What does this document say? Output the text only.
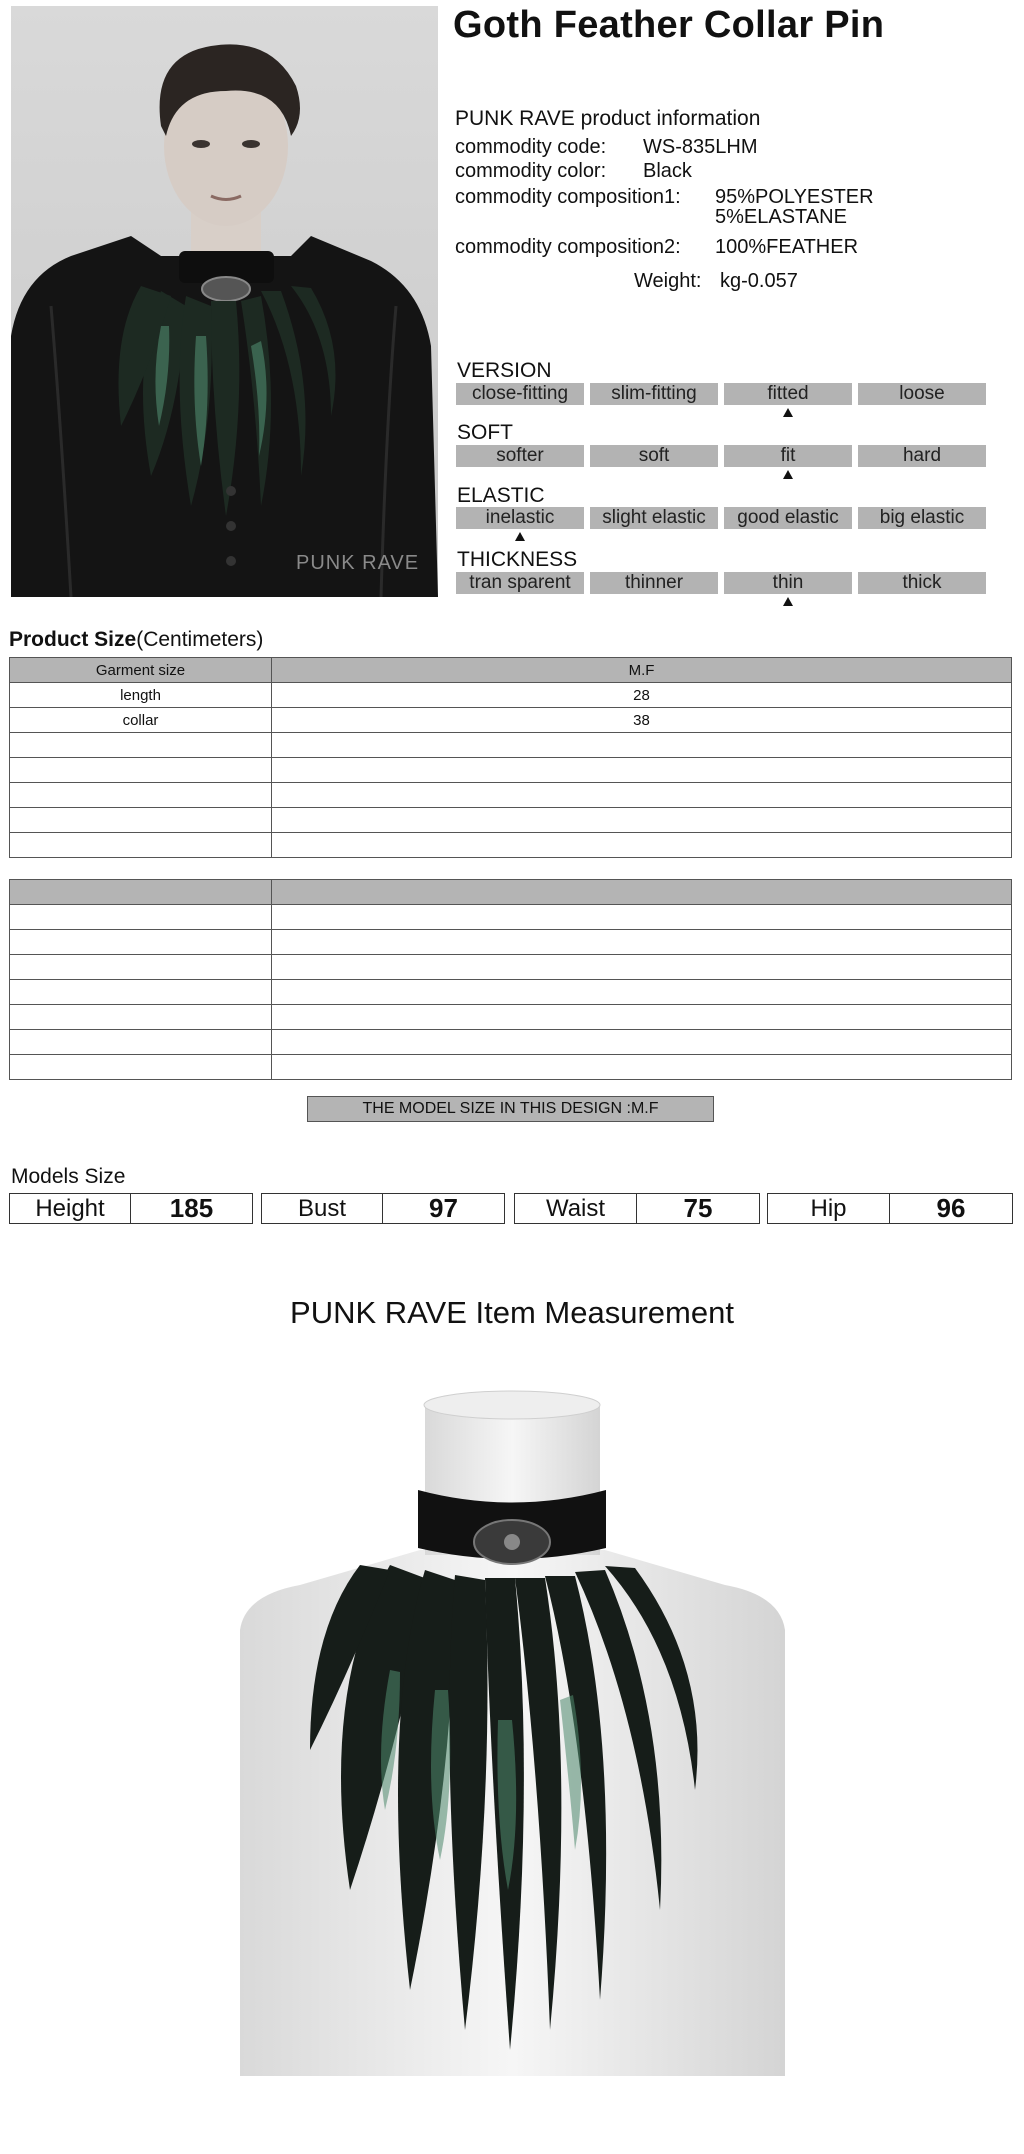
PUNK RAVE
Goth Feather Collar Pin
PUNK RAVE product information
commodity code: WS-835LHM
commodity color: Black
commodity composition1: 95%POLYESTER
5%ELASTANE
commodity composition2: 100%FEATHER
Weight: kg-0.057
VERSION
close-fitting	slim-fitting	fitted	loose
SOFT
softer	soft	fit	hard
ELASTIC
inelastic	slight elastic	good elastic	big elastic
THICKNESS
tran sparent	thinner	thin	thick
Product Size(Centimeters)
Garment size	M.F
length	28
collar	38

THE MODEL SIZE IN THIS DESIGN :M.F
Models Size
Height	185	Bust	97	Waist	75	Hip	96
PUNK RAVE Item Measurement
